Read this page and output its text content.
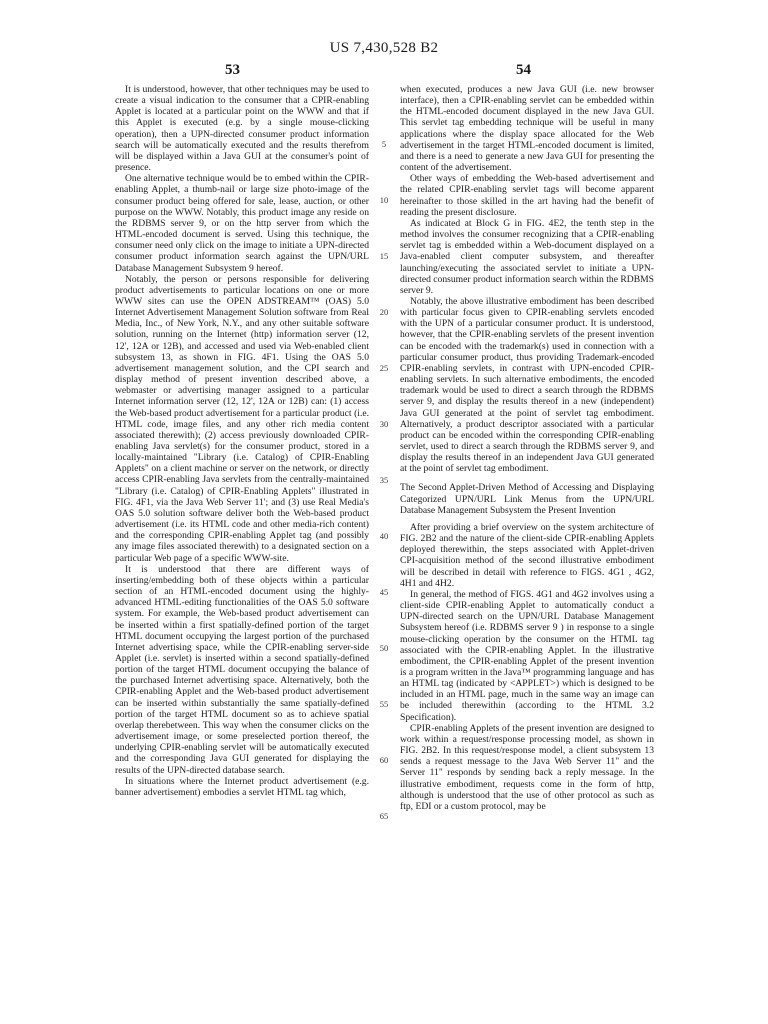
US 7,430,528 B2
53	54

It is understood, however, that other techniques may be used to create a visual indication to the consumer that a CPIR-enabling Applet is located at a particular point on the WWW and that if this Applet is executed (e.g. by a single mouse-clicking operation), then a UPN-directed consumer product information search will be automatically executed and the results therefrom will be displayed within a Java GUI at the consumer's point of presence.

One alternative technique would be to embed within the CPIR-enabling Applet, a thumb-nail or large size photo-image of the consumer product being offered for sale, lease, auction, or other purpose on the WWW. Notably, this product image any reside on the RDBMS server 9, or on the http server from which the HTML-encoded document is served. Using this technique, the consumer need only click on the image to initiate a UPN-directed consumer product information search against the UPN/URL Database Management Subsystem 9 hereof.

Notably, the person or persons responsible for delivering product advertisements to particular locations on one or more WWW sites can use the OPEN ADSTREAM™ (OAS) 5.0 Internet Advertisement Management Solution software from Real Media, Inc., of New York, N.Y., and any other suitable software solution, running on the Internet (http) information server (12, 12', 12A or 12B), and accessed and used via Web-enabled client subsystem 13, as shown in FIG. 4F1. Using the OAS 5.0 advertisement management solution, and the CPI search and display method of present invention described above, a webmaster or advertising manager assigned to a particular Internet information server (12, 12', 12A or 12B) can: (1) access the Web-based product advertisement for a particular product (i.e. HTML code, image files, and any other rich media content associated therewith); (2) access previously downloaded CPIR-enabling Java servlet(s) for the consumer product, stored in a locally-maintained "Library (i.e. Catalog) of CPIR-Enabling Applets" on a client machine or server on the network, or directly access CPIR-enabling Java servlets from the centrally-maintained "Library (i.e. Catalog) of CPIR-Enabling Applets" illustrated in FIG. 4F1, via the Java Web Server 11'; and (3) use Real Media's OAS 5.0 solution software deliver both the Web-based product advertisement (i.e. its HTML code and other media-rich content) and the corresponding CPIR-enabling Applet tag (and possibly any image files associated therewith) to a designated section on a particular Web page of a specific WWW-site.

It is understood that there are different ways of inserting/embedding both of these objects within a particular section of an HTML-encoded document using the highly-advanced HTML-editing functionalities of the OAS 5.0 software system. For example, the Web-based product advertisement can be inserted within a first spatially-defined portion of the target HTML document occupying the largest portion of the purchased Internet advertising space, while the CPIR-enabling server-side Applet (i.e. servlet) is inserted within a second spatially-defined portion of the target HTML document occupying the balance of the purchased Internet advertising space. Alternatively, both the CPIR-enabling Applet and the Web-based product advertisement can be inserted within substantially the same spatially-defined portion of the target HTML document so as to achieve spatial overlap therebetween. This way when the consumer clicks on the advertisement image, or some preselected portion thereof, the underlying CPIR-enabling servlet will be automatically executed and the corresponding Java GUI generated for displaying the results of the UPN-directed database search.

In situations where the Internet product advertisement (e.g. banner advertisement) embodies a servlet HTML tag which,

5
10
15
20
25
30
35
40
45
50
55
60
65

when executed, produces a new Java GUI (i.e. new browser interface), then a CPIR-enabling servlet can be embedded within the HTML-encoded document displayed in the new Java GUI. This servlet tag embedding technique will be useful in many applications where the display space allocated for the Web advertisement in the target HTML-encoded document is limited, and there is a need to generate a new Java GUI for presenting the content of the advertisement.

Other ways of embedding the Web-based advertisement and the related CPIR-enabling servlet tags will become apparent hereinafter to those skilled in the art having had the benefit of reading the present disclosure.

As indicated at Block G in FIG. 4E2, the tenth step in the method involves the consumer recognizing that a CPIR-enabling servlet tag is embedded within a Web-document displayed on a Java-enabled client computer subsystem, and thereafter launching/executing the associated servlet to initiate a UPN-directed consumer product information search within the RDBMS server 9.

Notably, the above illustrative embodiment has been described with particular focus given to CPIR-enabling servlets encoded with the UPN of a particular consumer product. It is understood, however, that the CPIR-enabling servlets of the present invention can be encoded with the trademark(s) used in connection with a particular consumer product, thus providing Trademark-encoded CPIR-enabling servlets, in contrast with UPN-encoded CPIR-enabling servlets. In such alternative embodiments, the encoded trademark would be used to direct a search through the RDBMS server 9, and display the results thereof in a new (independent) Java GUI generated at the point of servlet tag embodiment. Alternatively, a product descriptor associated with a particular product can be encoded within the corresponding CPIR-enabling servlet, used to direct a search through the RDBMS server 9, and display the results thereof in an independent Java GUI generated at the point of servlet tag embodiment.

The Second Applet-Driven Method of Accessing and Displaying Categorized UPN/URL Link Menus from the UPN/URL Database Management Subsystem the Present Invention

After providing a brief overview on the system architecture of FIG. 2B2 and the nature of the client-side CPIR-enabling Applets deployed therewithin, the steps associated with Applet-driven CPI-acquisition method of the second illustrative embodiment will be described in detail with reference to FIGS. 4G1 , 4G2, 4H1 and 4H2.

In general, the method of FIGS. 4G1 and 4G2 involves using a client-side CPIR-enabling Applet to automatically conduct a UPN-directed search on the UPN/URL Database Management Subsystem hereof (i.e. RDBMS server 9 ) in response to a single mouse-clicking operation by the consumer on the HTML tag associated with the CPIR-enabling Applet. In the illustrative embodiment, the CPIR-enabling Applet of the present invention is a program written in the Java™ programming language and has an HTML tag (indicated by <APPLET>) which is designed to be included in an HTML page, much in the same way an image can be included therewithin (according to the HTML 3.2 Specification).

CPIR-enabling Applets of the present invention are designed to work within a request/response processing model, as shown in FIG. 2B2. In this request/response model, a client subsystem 13 sends a request message to the Java Web Server 11" and the Server 11" responds by sending back a reply message. In the illustrative embodiment, requests come in the form of http, although is understood that the use of other protocol as such as ftp, EDI or a custom protocol, may be
